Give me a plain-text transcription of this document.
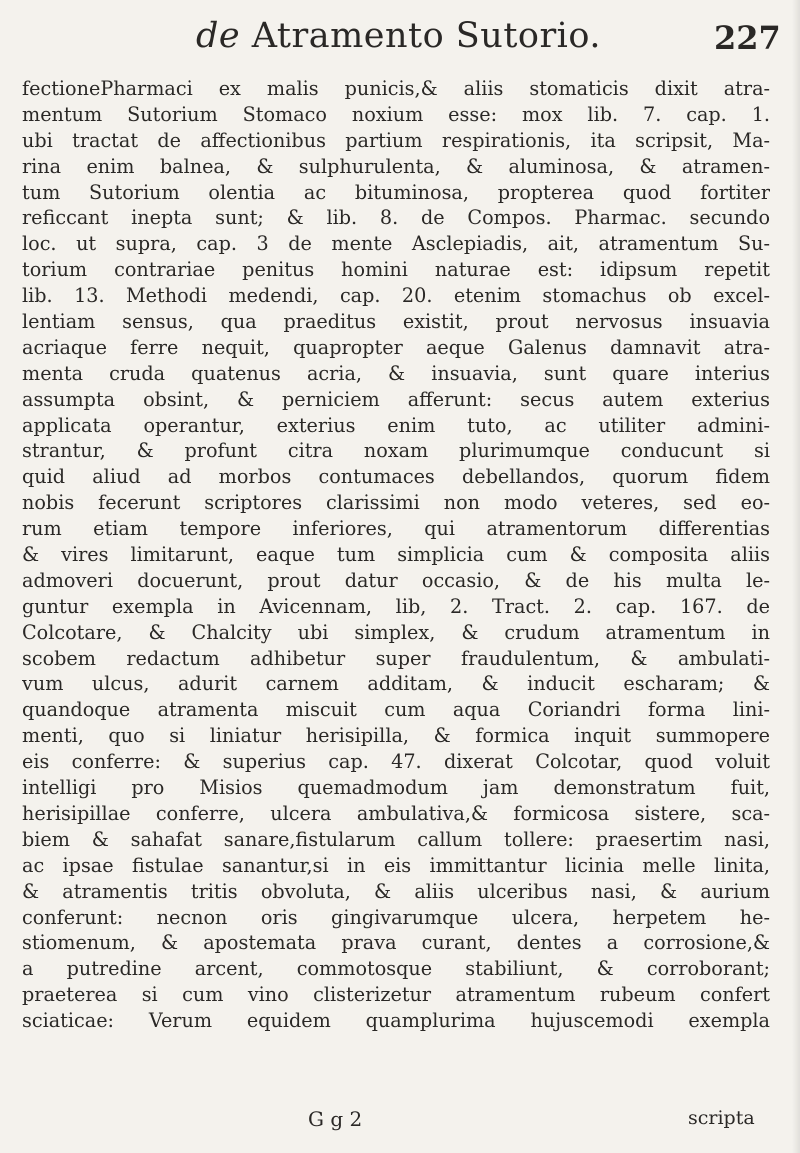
de Atramento Sutorio.	227
fectionePharmaci ex malis punicis,& aliis stomaticis dixit atra-
mentum Sutorium Stomaco noxium esse: mox lib. 7. cap. 1.
ubi tractat de affectionibus partium respirationis, ita scripsit, Ma-
rina enim balnea, & sulphurulenta, & aluminosa, & atramen-
tum Sutorium olentia ac bituminosa, propterea quod fortiter
reficcant inepta sunt; & lib. 8. de Compos. Pharmac. secundo
loc. ut supra, cap. 3 de mente Asclepiadis, ait, atramentum Su-
torium contrariae penitus homini naturae est: idipsum repetit
lib. 13. Methodi medendi, cap. 20. etenim stomachus ob excel-
lentiam sensus, qua praeditus existit, prout nervosus insuavia
acriaque ferre nequit, quapropter aeque Galenus damnavit atra-
menta cruda quatenus acria, & insuavia, sunt quare interius
assumpta obsint, & perniciem afferunt: secus autem exterius
applicata operantur, exterius enim tuto, ac utiliter admini-
strantur, & profunt citra noxam plurimumque conducunt si
quid aliud ad morbos contumaces debellandos, quorum fidem
nobis fecerunt scriptores clarissimi non modo veteres, sed eo-
rum etiam tempore inferiores, qui atramentorum differentias
& vires limitarunt, eaque tum simplicia cum & composita aliis
admoveri docuerunt, prout datur occasio, & de his multa le-
guntur exempla in Avicennam, lib, 2. Tract. 2. cap. 167. de
Colcotare, & Chalcity ubi simplex, & crudum atramentum in
scobem redactum adhibetur super fraudulentum, & ambulati-
vum ulcus, adurit carnem additam, & inducit escharam; &
quandoque atramenta miscuit cum aqua Coriandri forma lini-
menti, quo si liniatur herisipilla, & formica inquit summopere
eis conferre: & superius cap. 47. dixerat Colcotar, quod voluit
intelligi pro Misios quemadmodum jam demonstratum fuit,
herisipillae conferre, ulcera ambulativa,& formicosa sistere, sca-
biem & sahafat sanare,fistularum callum tollere: praesertim nasi,
ac ipsae fistulae sanantur,si in eis immittantur licinia melle linita,
& atramentis tritis obvoluta, & aliis ulceribus nasi, & aurium
conferunt: necnon oris gingivarumque ulcera, herpetem he-
stiomenum, & apostemata prava curant, dentes a corrosione,&
a putredine arcent, commotosque stabiliunt, & corroborant;
praeterea si cum vino clisterizetur atramentum rubeum confert
sciaticae: Verum equidem quamplurima hujuscemodi exempla
G g 2	scripta
